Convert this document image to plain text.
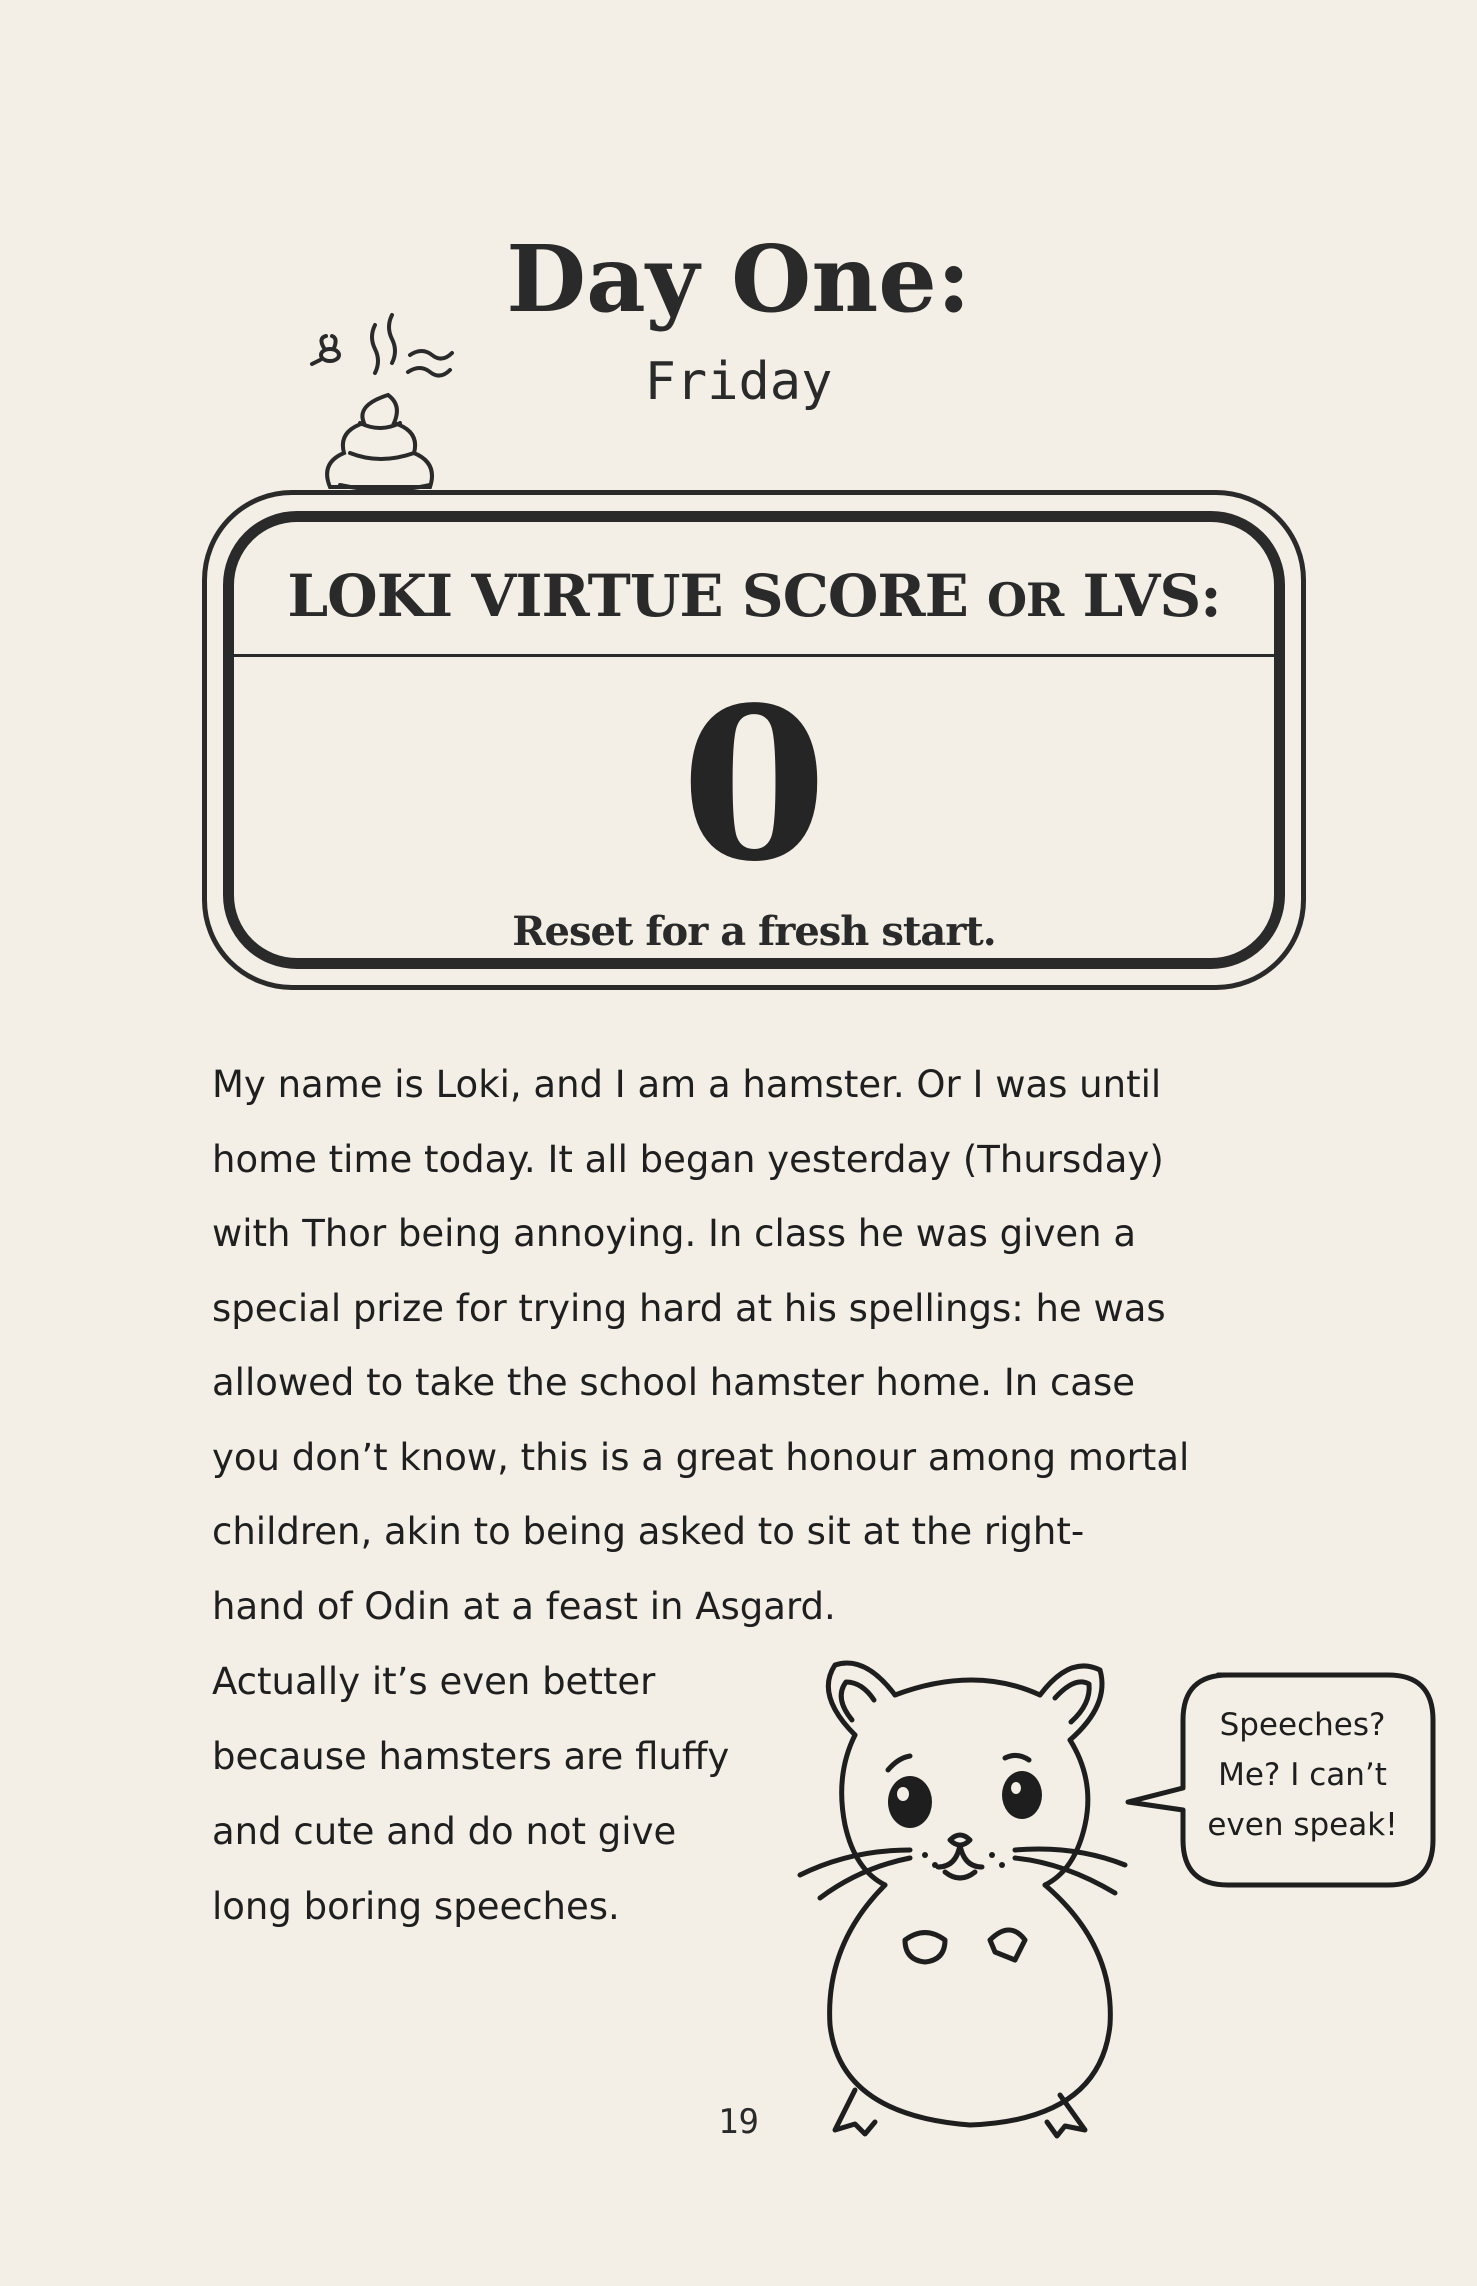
Day One:
Friday
LOKI VIRTUE SCORE OR LVS:
0
Reset for a fresh start.

My name is Loki, and I am a hamster. Or I was until
home time today. It all began yesterday (Thursday)
with Thor being annoying. In class he was given a
special prize for trying hard at his spellings: he was
allowed to take the school hamster home. In case
you don’t know, this is a great honour among mortal
children, akin to being asked to sit at the right-
hand of Odin at a feast in Asgard.

Actually it’s even better
because hamsters are fluffy
and cute and do not give
long boring speeches.

Speeches?
Me? I can’t
even speak!
19
